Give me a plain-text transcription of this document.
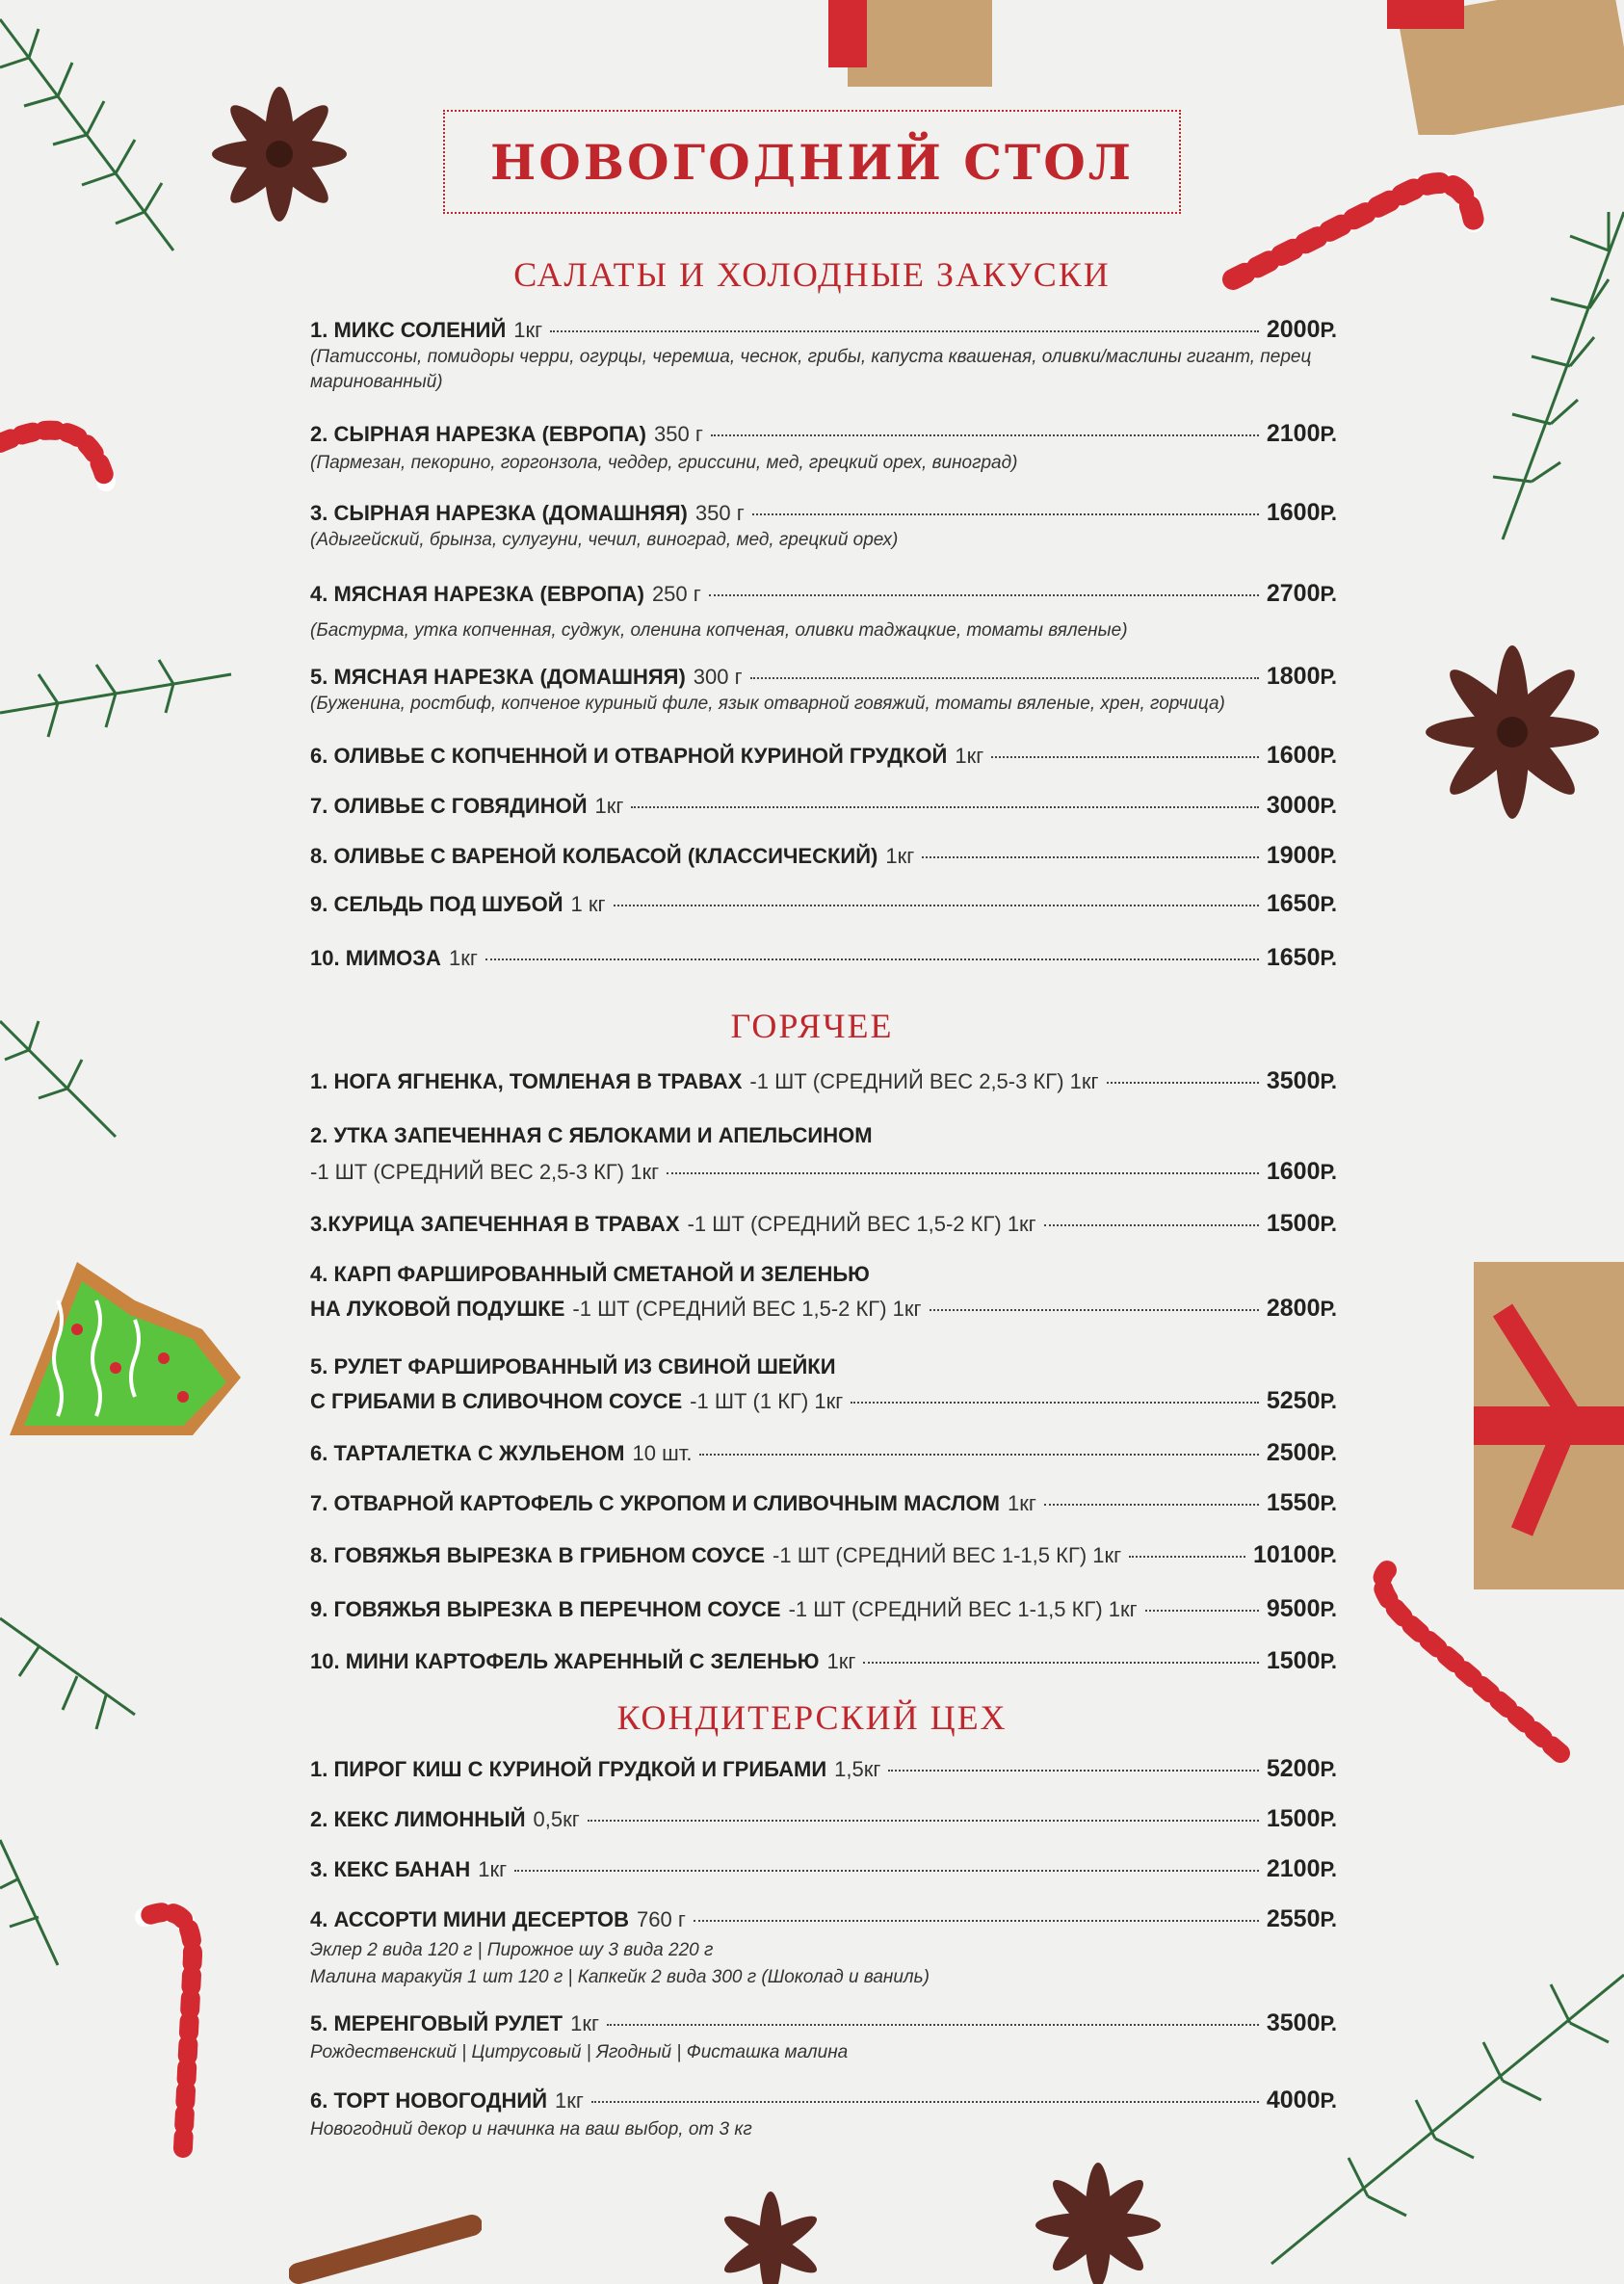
НОВОГОДНИЙ СТОЛ
САЛАТЫ И ХОЛОДНЫЕ ЗАКУСКИ
1. МИКС СОЛЕНИЙ 1кг	2000Р.
(Патиссоны, помидоры черри, огурцы, черемша, чеснок, грибы, капуста квашеная, оливки/маслины гигант, перец маринованный)
2. СЫРНАЯ НАРЕЗКА (ЕВРОПА) 350 г	2100Р.
(Пармезан, пекорино, горгонзола, чеддер, гриссини, мед, грецкий орех, виноград)
3. СЫРНАЯ НАРЕЗКА (ДОМАШНЯЯ) 350 г	1600Р.
(Адыгейский, брынза, сулугуни, чечил, виноград, мед, грецкий орех)
4. МЯСНАЯ НАРЕЗКА (ЕВРОПА) 250 г	2700Р.
(Бастурма, утка копченная, суджук, оленина копченая, оливки таджацкие, томаты вяленые)
5. МЯСНАЯ НАРЕЗКА (ДОМАШНЯЯ) 300 г	1800Р.
(Буженина, ростбиф, копченое куриный филе, язык отварной говяжий, томаты вяленые, хрен, горчица)
6. ОЛИВЬЕ С КОПЧЕННОЙ И ОТВАРНОЙ КУРИНОЙ ГРУДКОЙ 1кг	1600Р.
7. ОЛИВЬЕ С ГОВЯДИНОЙ 1кг	3000Р.
8. ОЛИВЬЕ С ВАРЕНОЙ КОЛБАСОЙ (КЛАССИЧЕСКИЙ) 1кг	1900Р.
9. СЕЛЬДЬ ПОД ШУБОЙ 1 кг	1650Р.
10. МИМОЗА 1кг	1650Р.
ГОРЯЧЕЕ
1. НОГА ЯГНЕНКА, ТОМЛЕНАЯ В ТРАВАХ -1 ШТ (СРЕДНИЙ ВЕС 2,5-3 КГ) 1кг	3500Р.
2. УТКА ЗАПЕЧЕННАЯ С ЯБЛОКАМИ И АПЕЛЬСИНОМ
-1 ШТ (СРЕДНИЙ ВЕС 2,5-3 КГ) 1кг	1600Р.
3.КУРИЦА ЗАПЕЧЕННАЯ В ТРАВАХ -1 ШТ (СРЕДНИЙ ВЕС 1,5-2 КГ) 1кг	1500Р.
4. КАРП ФАРШИРОВАННЫЙ СМЕТАНОЙ И ЗЕЛЕНЬЮ
НА ЛУКОВОЙ ПОДУШКЕ -1 ШТ (СРЕДНИЙ ВЕС 1,5-2 КГ) 1кг	2800Р.
5. РУЛЕТ ФАРШИРОВАННЫЙ ИЗ СВИНОЙ ШЕЙКИ
С ГРИБАМИ В СЛИВОЧНОМ СОУСЕ -1 ШТ (1 КГ) 1кг	5250Р.
6. ТАРТАЛЕТКА С ЖУЛЬЕНОМ 10 шт.	2500Р.
7. ОТВАРНОЙ КАРТОФЕЛЬ С УКРОПОМ И СЛИВОЧНЫМ МАСЛОМ 1кг	1550Р.
8. ГОВЯЖЬЯ ВЫРЕЗКА В ГРИБНОМ СОУСЕ -1 ШТ (СРЕДНИЙ ВЕС 1-1,5 КГ) 1кг	10100Р.
9. ГОВЯЖЬЯ ВЫРЕЗКА В ПЕРЕЧНОМ СОУСЕ -1 ШТ (СРЕДНИЙ ВЕС 1-1,5 КГ) 1кг	9500Р.
10. МИНИ КАРТОФЕЛЬ ЖАРЕННЫЙ С ЗЕЛЕНЬЮ 1кг	1500Р.
КОНДИТЕРСКИЙ ЦЕХ
1. ПИРОГ КИШ С КУРИНОЙ ГРУДКОЙ И ГРИБАМИ 1,5кг	5200Р.
2. КЕКС ЛИМОННЫЙ 0,5кг	1500Р.
3. КЕКС БАНАН 1кг	2100Р.
4. АССОРТИ МИНИ ДЕСЕРТОВ 760 г	2550Р.
Эклер 2 вида 120 г | Пирожное шу 3 вида 220 г
Малина маракуйя 1 шт 120 г | Капкейк 2 вида 300 г (Шоколад и ваниль)
5. МЕРЕНГОВЫЙ РУЛЕТ 1кг	3500Р.
Рождественский | Цитрусовый | Ягодный | Фисташка малина
6. ТОРТ НОВОГОДНИЙ 1кг	4000Р.
Новогодний декор и начинка на ваш выбор, от 3 кг
